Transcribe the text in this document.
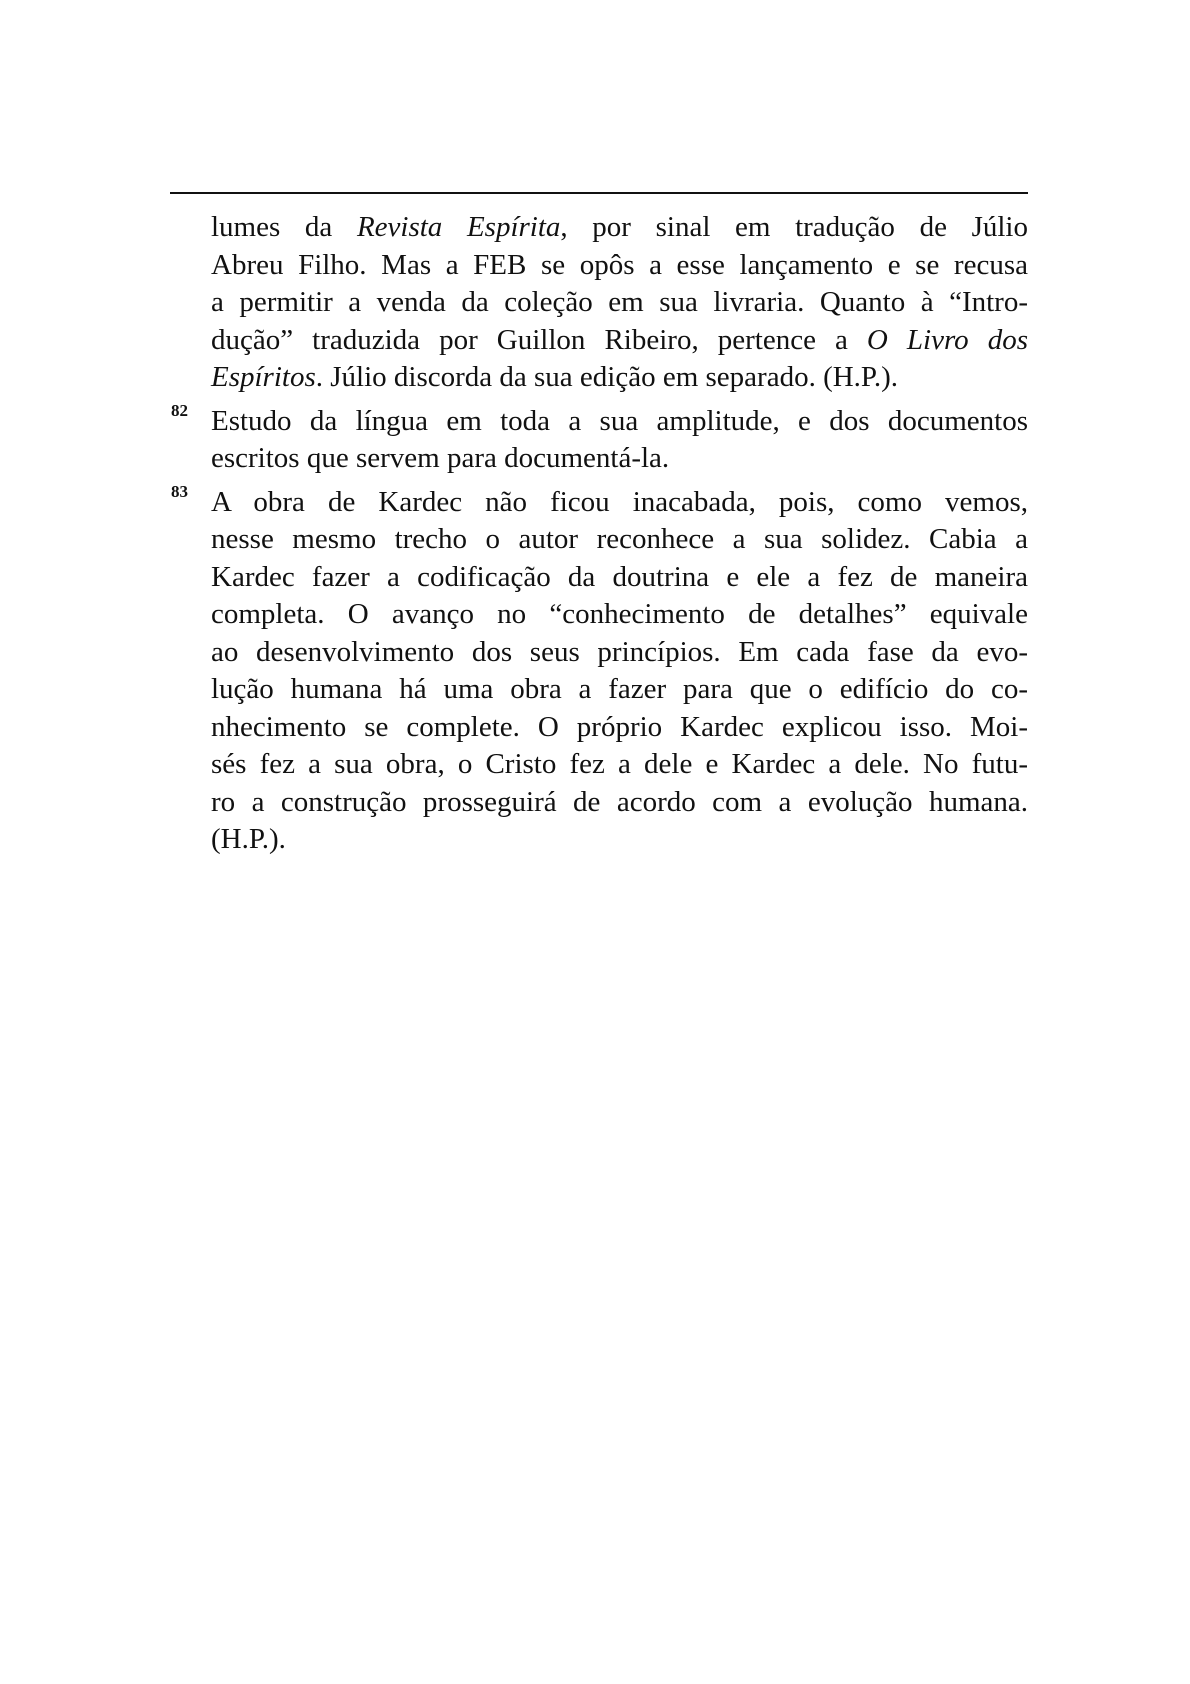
lumes da Revista Espírita, por sinal em tradução de Júlio
Abreu Filho. Mas a FEB se opôs a esse lançamento e se recusa
a permitir a venda da coleção em sua livraria. Quanto à “Intro-
dução” traduzida por Guillon Ribeiro, pertence a O Livro dos
Espíritos. Júlio discorda da sua edição em separado. (H.P.).

82 Estudo da língua em toda a sua amplitude, e dos documentos
escritos que servem para documentá-la.

83 A obra de Kardec não ficou inacabada, pois, como vemos,
nesse mesmo trecho o autor reconhece a sua solidez. Cabia a
Kardec fazer a codificação da doutrina e ele a fez de maneira
completa. O avanço no “conhecimento de detalhes” equivale
ao desenvolvimento dos seus princípios. Em cada fase da evo-
lução humana há uma obra a fazer para que o edifício do co-
nhecimento se complete. O próprio Kardec explicou isso. Moi-
sés fez a sua obra, o Cristo fez a dele e Kardec a dele. No futu-
ro a construção prosseguirá de acordo com a evolução humana.
(H.P.).
